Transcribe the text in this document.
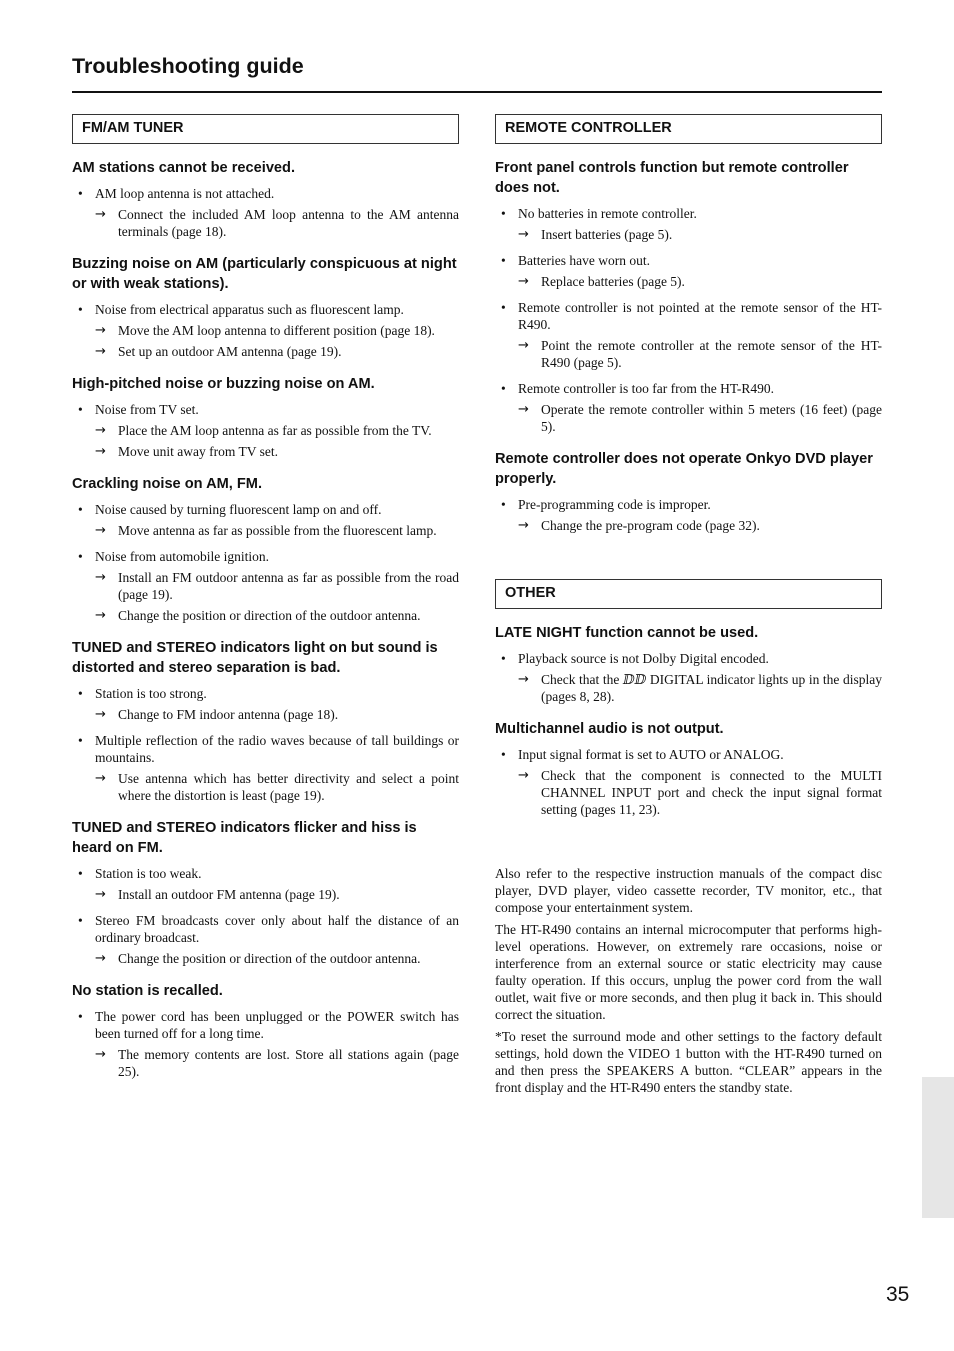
Troubleshooting guide
FM/AM TUNER
AM stations cannot be received.

• AM loop antenna is not attached.

→ Connect the included AM loop antenna to the AM antenna terminals (page 18).

Buzzing noise on AM (particularly conspicuous at night or with weak stations).

• Noise from electrical apparatus such as fluorescent lamp.

→ Move the AM loop antenna to different position (page 18).

→ Set up an outdoor AM antenna (page 19).

High-pitched noise or buzzing noise on AM.

• Noise from TV set.

→ Place the AM loop antenna as far as possible from the TV.

→ Move unit away from TV set.

Crackling noise on AM, FM.

• Noise caused by turning fluorescent lamp on and off.

→ Move antenna as far as possible from the fluorescent lamp.

• Noise from automobile ignition.

→ Install an FM outdoor antenna as far as possible from the road (page 19).

→ Change the position or direction of the outdoor antenna.

TUNED and STEREO indicators light on but sound is distorted and stereo separation is bad.

• Station is too strong.

→ Change to FM indoor antenna (page 18).

• Multiple reflection of the radio waves because of tall buildings or mountains.

→ Use antenna which has better directivity and select a point where the distortion is least (page 19).

TUNED and STEREO indicators flicker and hiss is heard on FM.

• Station is too weak.

→ Install an outdoor FM antenna (page 19).

• Stereo FM broadcasts cover only about half the distance of an ordinary broadcast.

→ Change the position or direction of the outdoor antenna.

No station is recalled.

• The power cord has been unplugged or the POWER switch has been turned off for a long time.

→ The memory contents are lost. Store all stations again (page 25).

REMOTE CONTROLLER
Front panel controls function but remote controller does not.

• No batteries in remote controller.

→ Insert batteries (page 5).

• Batteries have worn out.

→ Replace batteries (page 5).

• Remote controller is not pointed at the remote sensor of the HT-R490.

→ Point the remote controller at the remote sensor of the HT-R490 (page 5).

• Remote controller is too far from the HT-R490.

→ Operate the remote controller within 5 meters (16 feet) (page 5).

Remote controller does not operate Onkyo DVD player properly.

• Pre-programming code is improper.

→ Change the pre-program code (page 32).

OTHER
LATE NIGHT function cannot be used.

• Playback source is not Dolby Digital encoded.

→ Check that the ⅅⅅ DIGITAL indicator lights up in the display (pages 8, 28).

Multichannel audio is not output.

• Input signal format is set to AUTO or ANALOG.

→ Check that the component is connected to the MULTI CHANNEL INPUT port and check the input signal format setting (pages 11, 23).

Also refer to the respective instruction manuals of the compact disc player, DVD player, video cassette recorder, TV monitor, etc., that compose your entertainment system.

The HT-R490 contains an internal microcomputer that performs high-level operations. However, on extremely rare occasions, noise or interference from an external source or static electricity may cause faulty operation. If this occurs, unplug the power cord from the wall outlet, wait five or more seconds, and then plug it back in. This should correct the situation.

*To reset the surround mode and other settings to the factory default settings, hold down the VIDEO 1 button with the HT-R490 turned on and then press the SPEAKERS A button. “CLEAR” appears in the front display and the HT-R490 enters the standby state.

35
